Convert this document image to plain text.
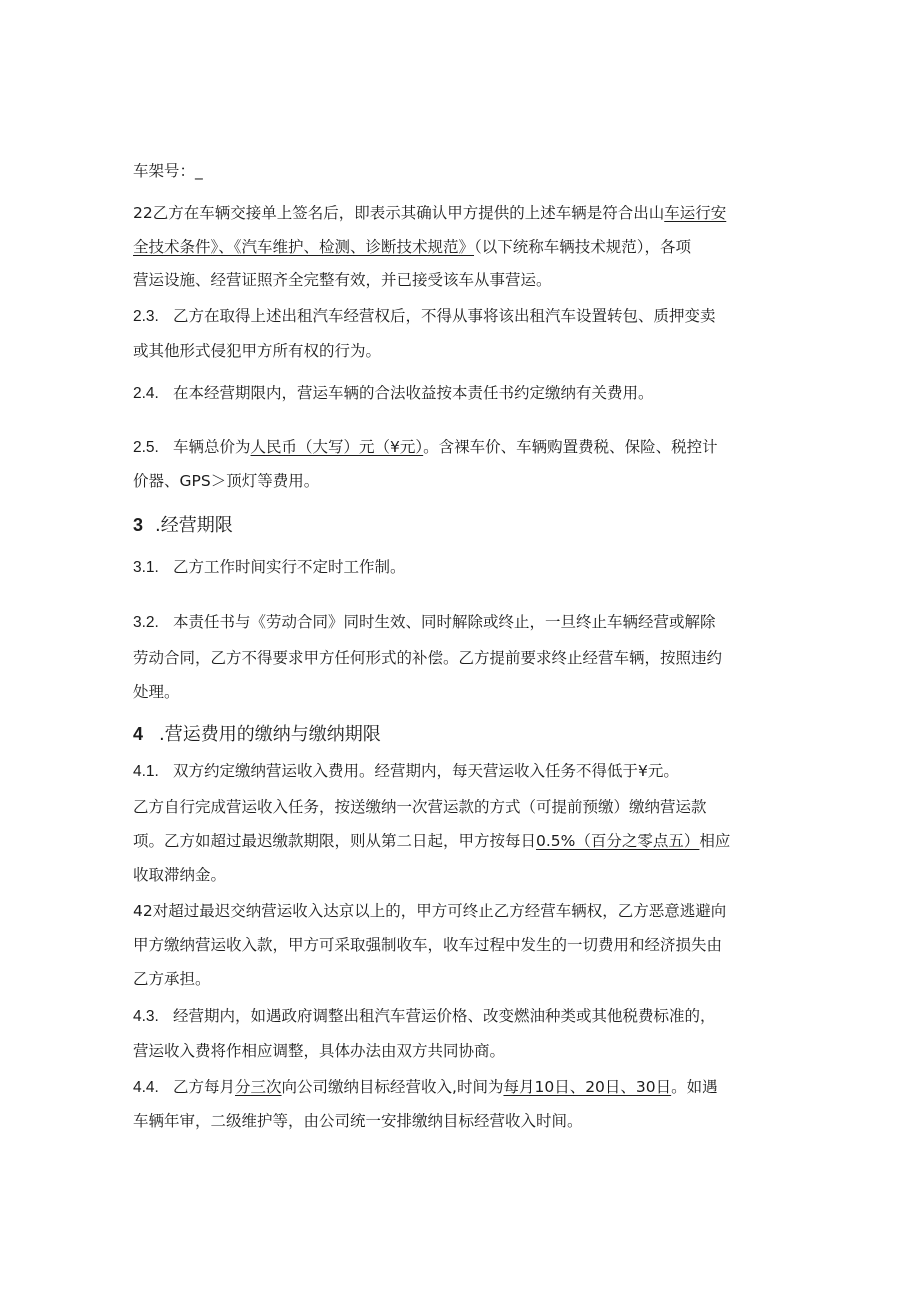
车架号：_
22乙方在车辆交接单上签名后，即表示其确认甲方提供的上述车辆是符合出山车运行安
全技术条件》、《汽车维护、检测、诊断技术规范》（以下统称车辆技术规范），各项
营运设施、经营证照齐全完整有效，并已接受该车从事营运。
2.3. 乙方在取得上述出租汽车经营权后，不得从事将该出租汽车设置转包、质押变卖
或其他形式侵犯甲方所有权的行为。
2.4. 在本经营期限内，营运车辆的合法收益按本责任书约定缴纳有关费用。
2.5. 车辆总价为人民币（大写）元（¥元）。含裸车价、车辆购置费税、保险、税控计
价器、GPS＞顶灯等费用。
3 .经营期限
3.1. 乙方工作时间实行不定时工作制。
3.2. 本责任书与《劳动合同》同时生效、同时解除或终止，一旦终止车辆经营或解除
劳动合同，乙方不得要求甲方任何形式的补偿。乙方提前要求终止经营车辆，按照违约
处理。
4 .营运费用的缴纳与缴纳期限
4.1. 双方约定缴纳营运收入费用。经营期内，每天营运收入任务不得低于¥元。
乙方自行完成营运收入任务，按送缴纳一次营运款的方式（可提前预缴）缴纳营运款
项。乙方如超过最迟缴款期限，则从第二日起，甲方按每日0.5%（百分之零点五）相应
收取滞纳金。
42对超过最迟交纳营运收入达京以上的，甲方可终止乙方经营车辆权，乙方恶意逃避向
甲方缴纳营运收入款，甲方可采取强制收车，收车过程中发生的一切费用和经济损失由
乙方承担。
4.3. 经营期内，如遇政府调整出租汽车营运价格、改变燃油种类或其他税费标准的，
营运收入费将作相应调整，具体办法由双方共同协商。
4.4. 乙方每月分三次向公司缴纳目标经营收入,时间为每月10日、20日、30日。如遇
车辆年审，二级维护等，由公司统一安排缴纳目标经营收入时间。
